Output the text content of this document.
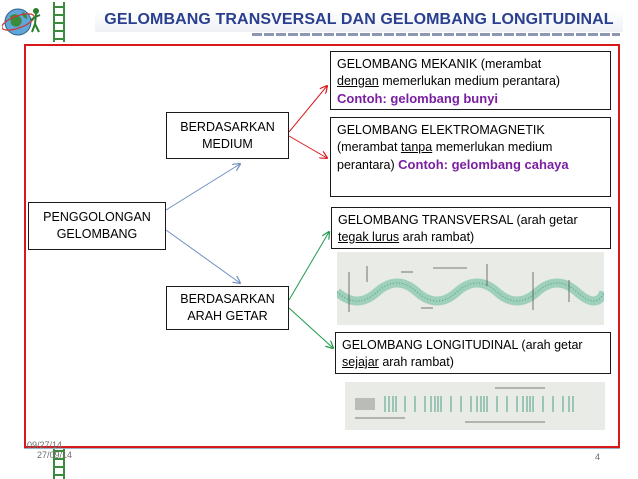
GELOMBANG TRANSVERSAL DAN GELOMBANG LONGITUDINAL
PENGGOLONGAN GELOMBANG
BERDASARKAN MEDIUM
BERDASARKAN ARAH GETAR
GELOMBANG MEKANIK (merambat
dengan memerlukan medium perantara)
Contoh: gelombang bunyi
GELOMBANG ELEKTROMAGNETIK
(merambat tanpa memerlukan medium perantara) Contoh: gelombang cahaya
GELOMBANG TRANSVERSAL (arah getar
tegak lurus arah rambat)
GELOMBANG LONGITUDINAL (arah getar
sejajar arah rambat)
09/27/14
27/09/14	4
